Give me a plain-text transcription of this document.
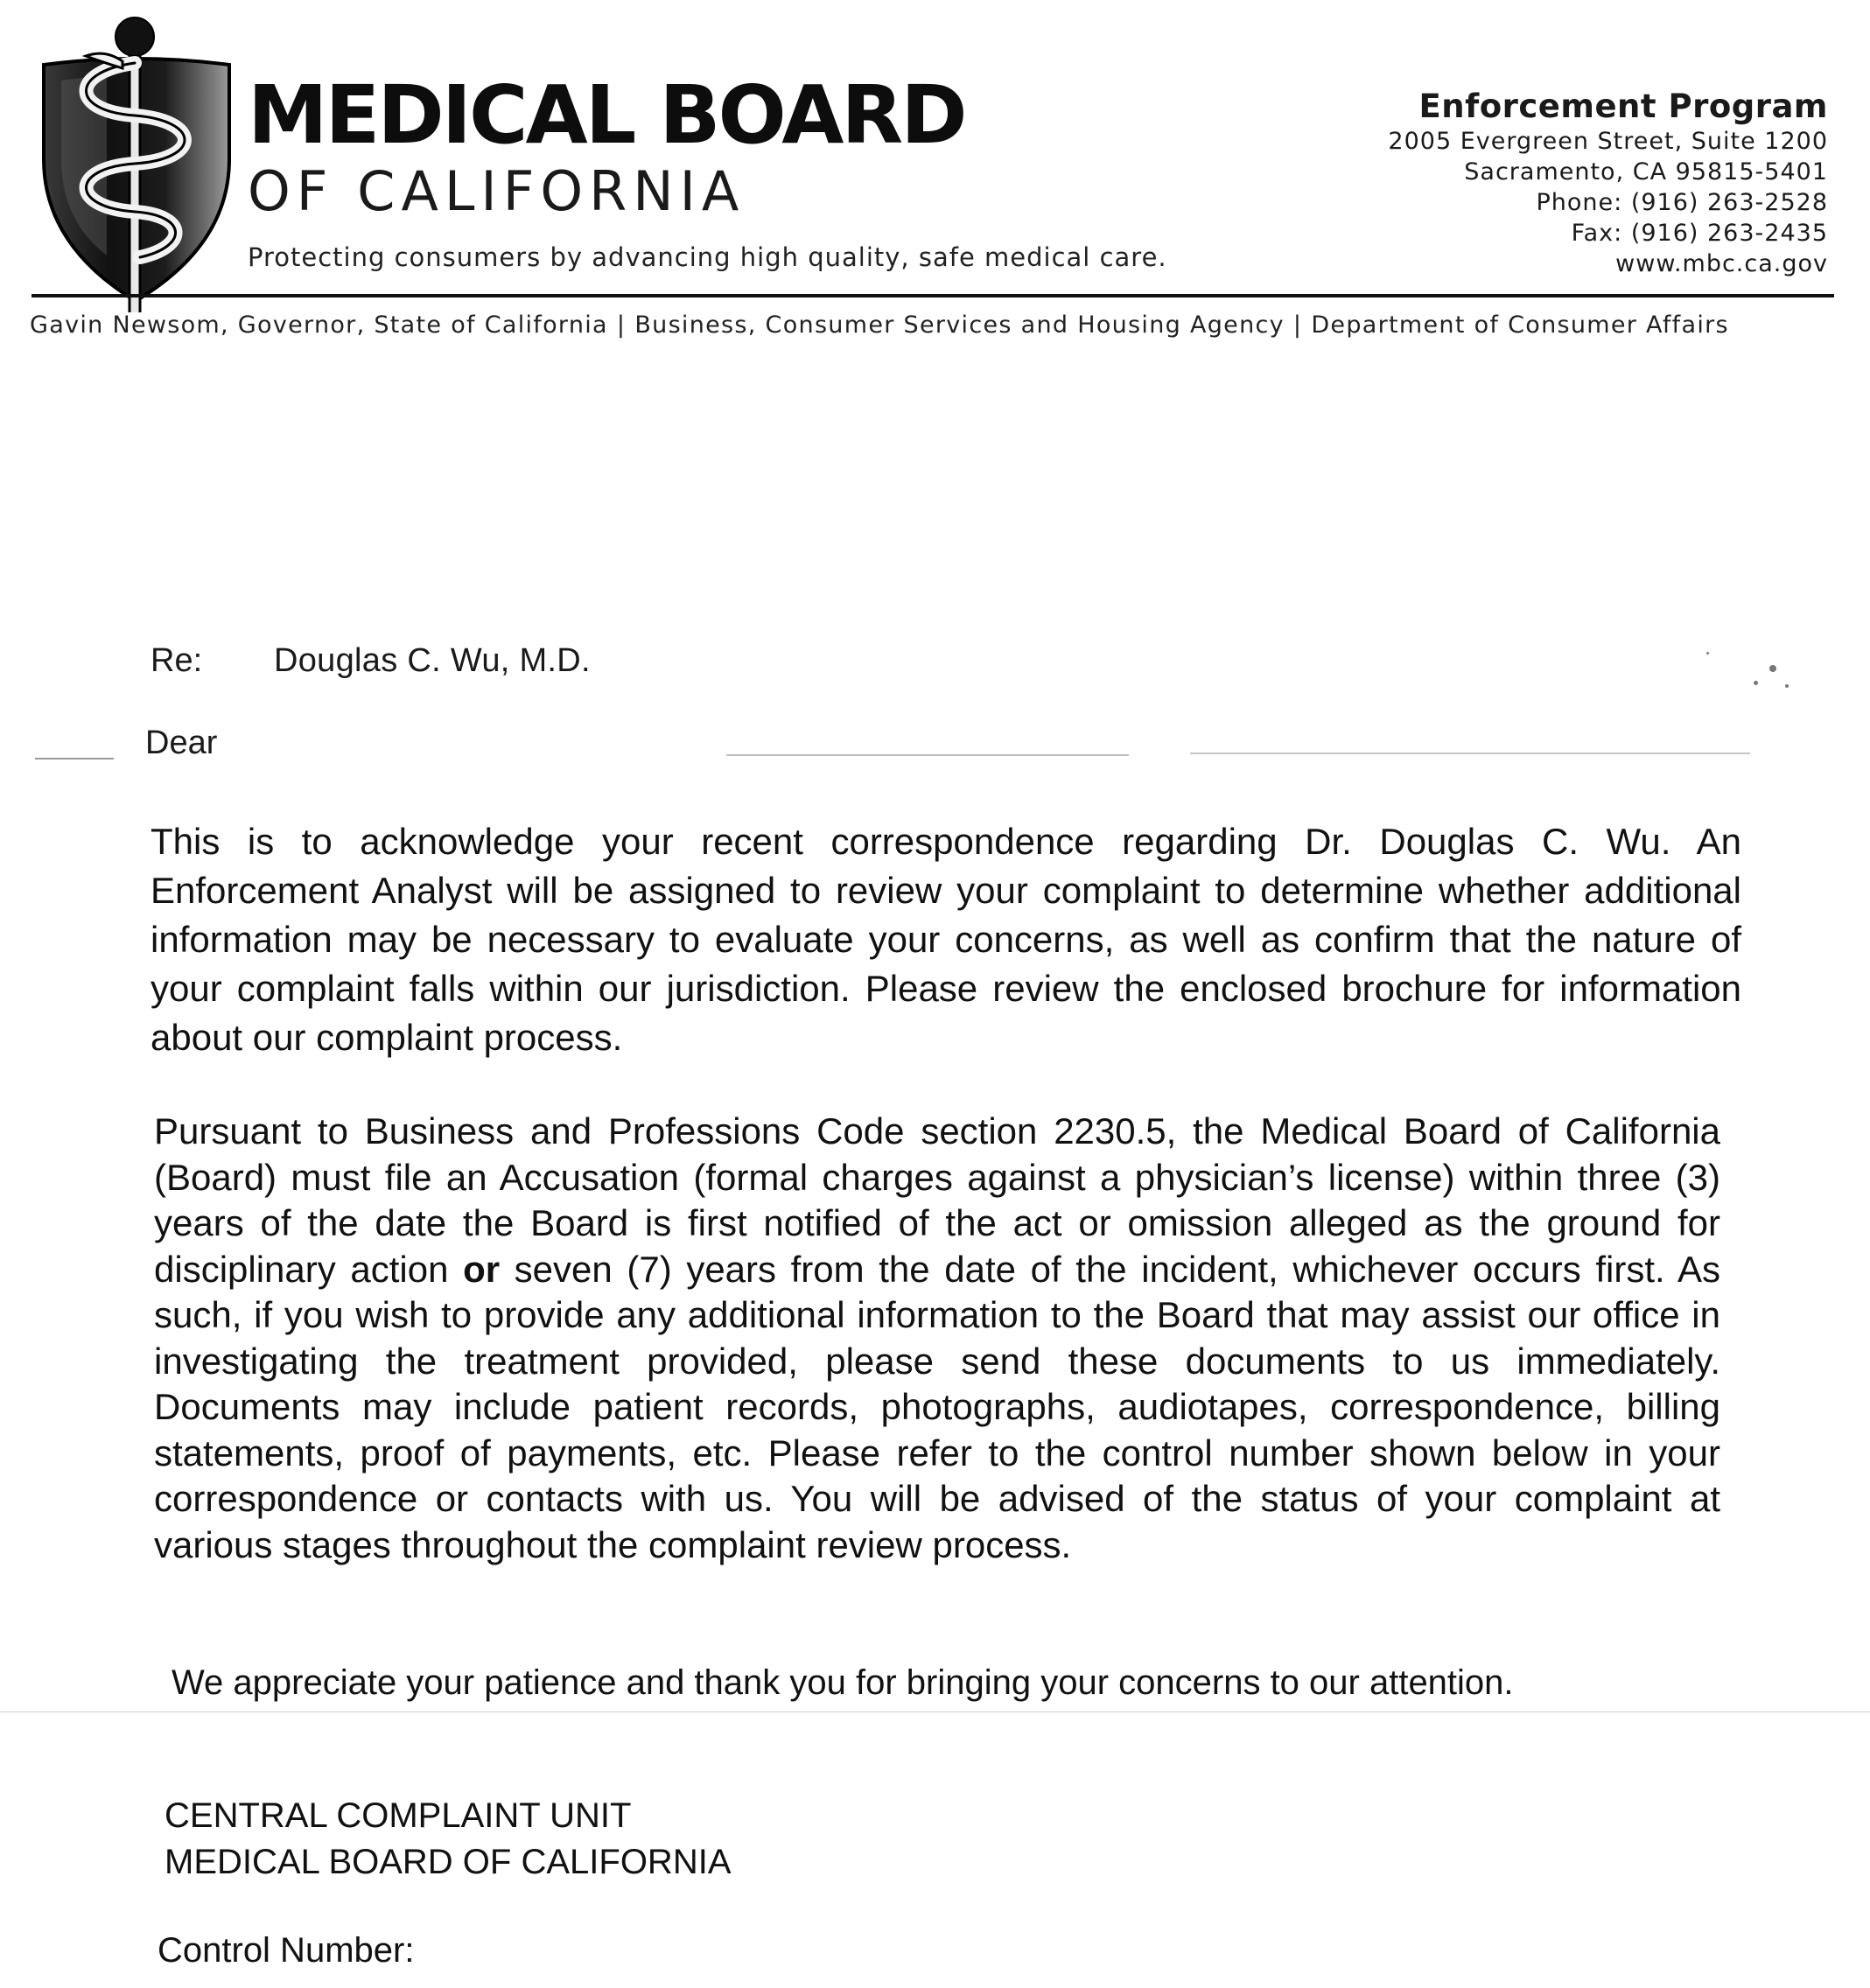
MEDICAL BOARD
OF CALIFORNIA
Protecting consumers by advancing high quality, safe medical care.
Enforcement Program
2005 Evergreen Street, Suite 1200
Sacramento, CA 95815-5401
Phone: (916) 263-2528
Fax: (916) 263-2435
www.mbc.ca.gov
Gavin Newsom, Governor, State of California | Business, Consumer Services and Housing Agency | Department of Consumer Affairs
Re: Douglas C. Wu, M.D.
Dear

This is to acknowledge your recent correspondence regarding Dr. Douglas C. Wu. An Enforcement Analyst will be assigned to review your complaint to determine whether additional information may be necessary to evaluate your concerns, as well as confirm that the nature of your complaint falls within our jurisdiction. Please review the enclosed brochure for information about our complaint process.

Pursuant to Business and Professions Code section 2230.5, the Medical Board of California (Board) must file an Accusation (formal charges against a physician’s license) within three (3) years of the date the Board is first notified of the act or omission alleged as the ground for disciplinary action or seven (7) years from the date of the incident, whichever occurs first. As such, if you wish to provide any additional information to the Board that may assist our office in investigating the treatment provided, please send these documents to us immediately. Documents may include patient records, photographs, audiotapes, correspondence, billing statements, proof of payments, etc. Please refer to the control number shown below in your correspondence or contacts with us. You will be advised of the status of your complaint at various stages throughout the complaint review process.

We appreciate your patience and thank you for bringing your concerns to our attention.

CENTRAL COMPLAINT UNIT
MEDICAL BOARD OF CALIFORNIA
Control Number:
